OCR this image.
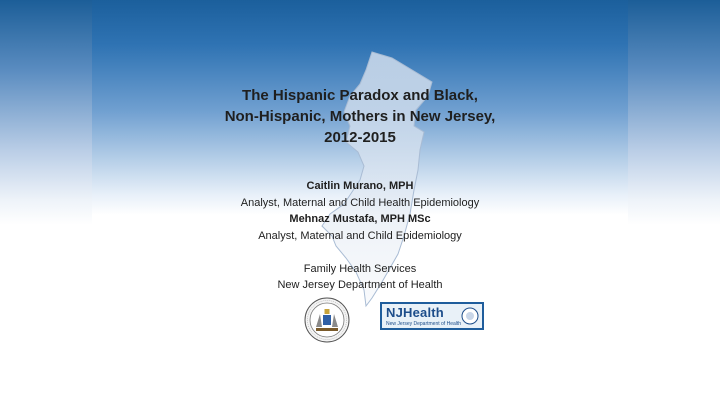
The Hispanic Paradox and Black,
Non-Hispanic, Mothers in New Jersey,
2012-2015
Caitlin Murano, MPH
Analyst, Maternal and Child Health Epidemiology
Mehnaz Mustafa, MPH MSc
Analyst, Maternal and Child Epidemiology
Family Health Services
New Jersey Department of Health
NJHealth
New Jersey Department of Health
